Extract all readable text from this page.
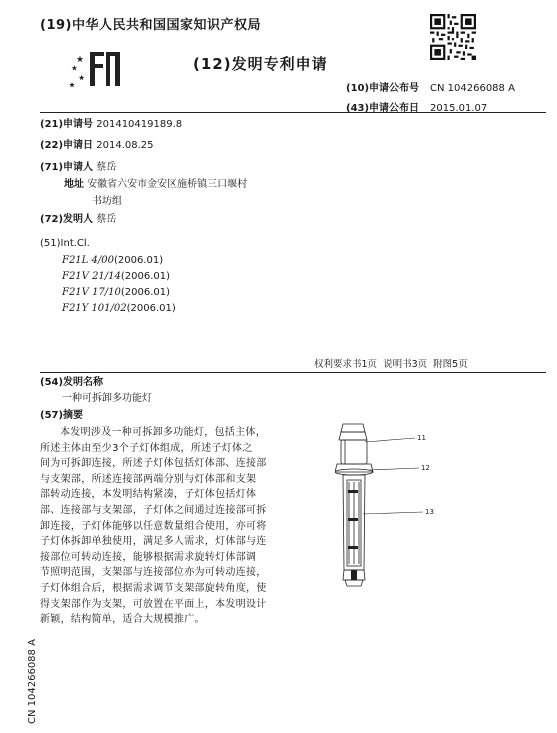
(19)中华人民共和国国家知识产权局
(12)发明专利申请
(10)申请公布号 CN 104266088 A
(43)申请公布日 2015.01.07
(21)申请号 201410419189.8
(22)申请日 2014.08.25
(71)申请人 蔡岳
地址 安徽省六安市金安区施桥镇三口堰村
书坊组
(72)发明人 蔡岳
(51)Int.Cl.
F21L 4/00(2006.01)
F21V 21/14(2006.01)
F21V 17/10(2006.01)
F21Y 101/02(2006.01)
权利要求书1页 说明书3页 附图5页
(54)发明名称
一种可拆卸多功能灯
(57)摘要

本发明涉及一种可拆卸多功能灯，包括主体，

所述主体由至少3个子灯体组成，所述子灯体之

间为可拆卸连接，所述子灯体包括灯体部、连接部

与支架部，所述连接部两端分别与灯体部和支架

部转动连接，本发明结构紧凑，子灯体包括灯体

部、连接部与支架部，子灯体之间通过连接部可拆

卸连接，子灯体能够以任意数量组合使用，亦可将

子灯体拆卸单独使用，满足多人需求，灯体部与连

接部位可转动连接，能够根据需求旋转灯体部调

节照明范围，支架部与连接部位亦为可转动连接，

子灯体组合后，根据需求调节支架部旋转角度，使

得支架部作为支架，可放置在平面上，本发明设计

新颖，结构简单，适合大规模推广。

11
12
13
CN 104266088 A
